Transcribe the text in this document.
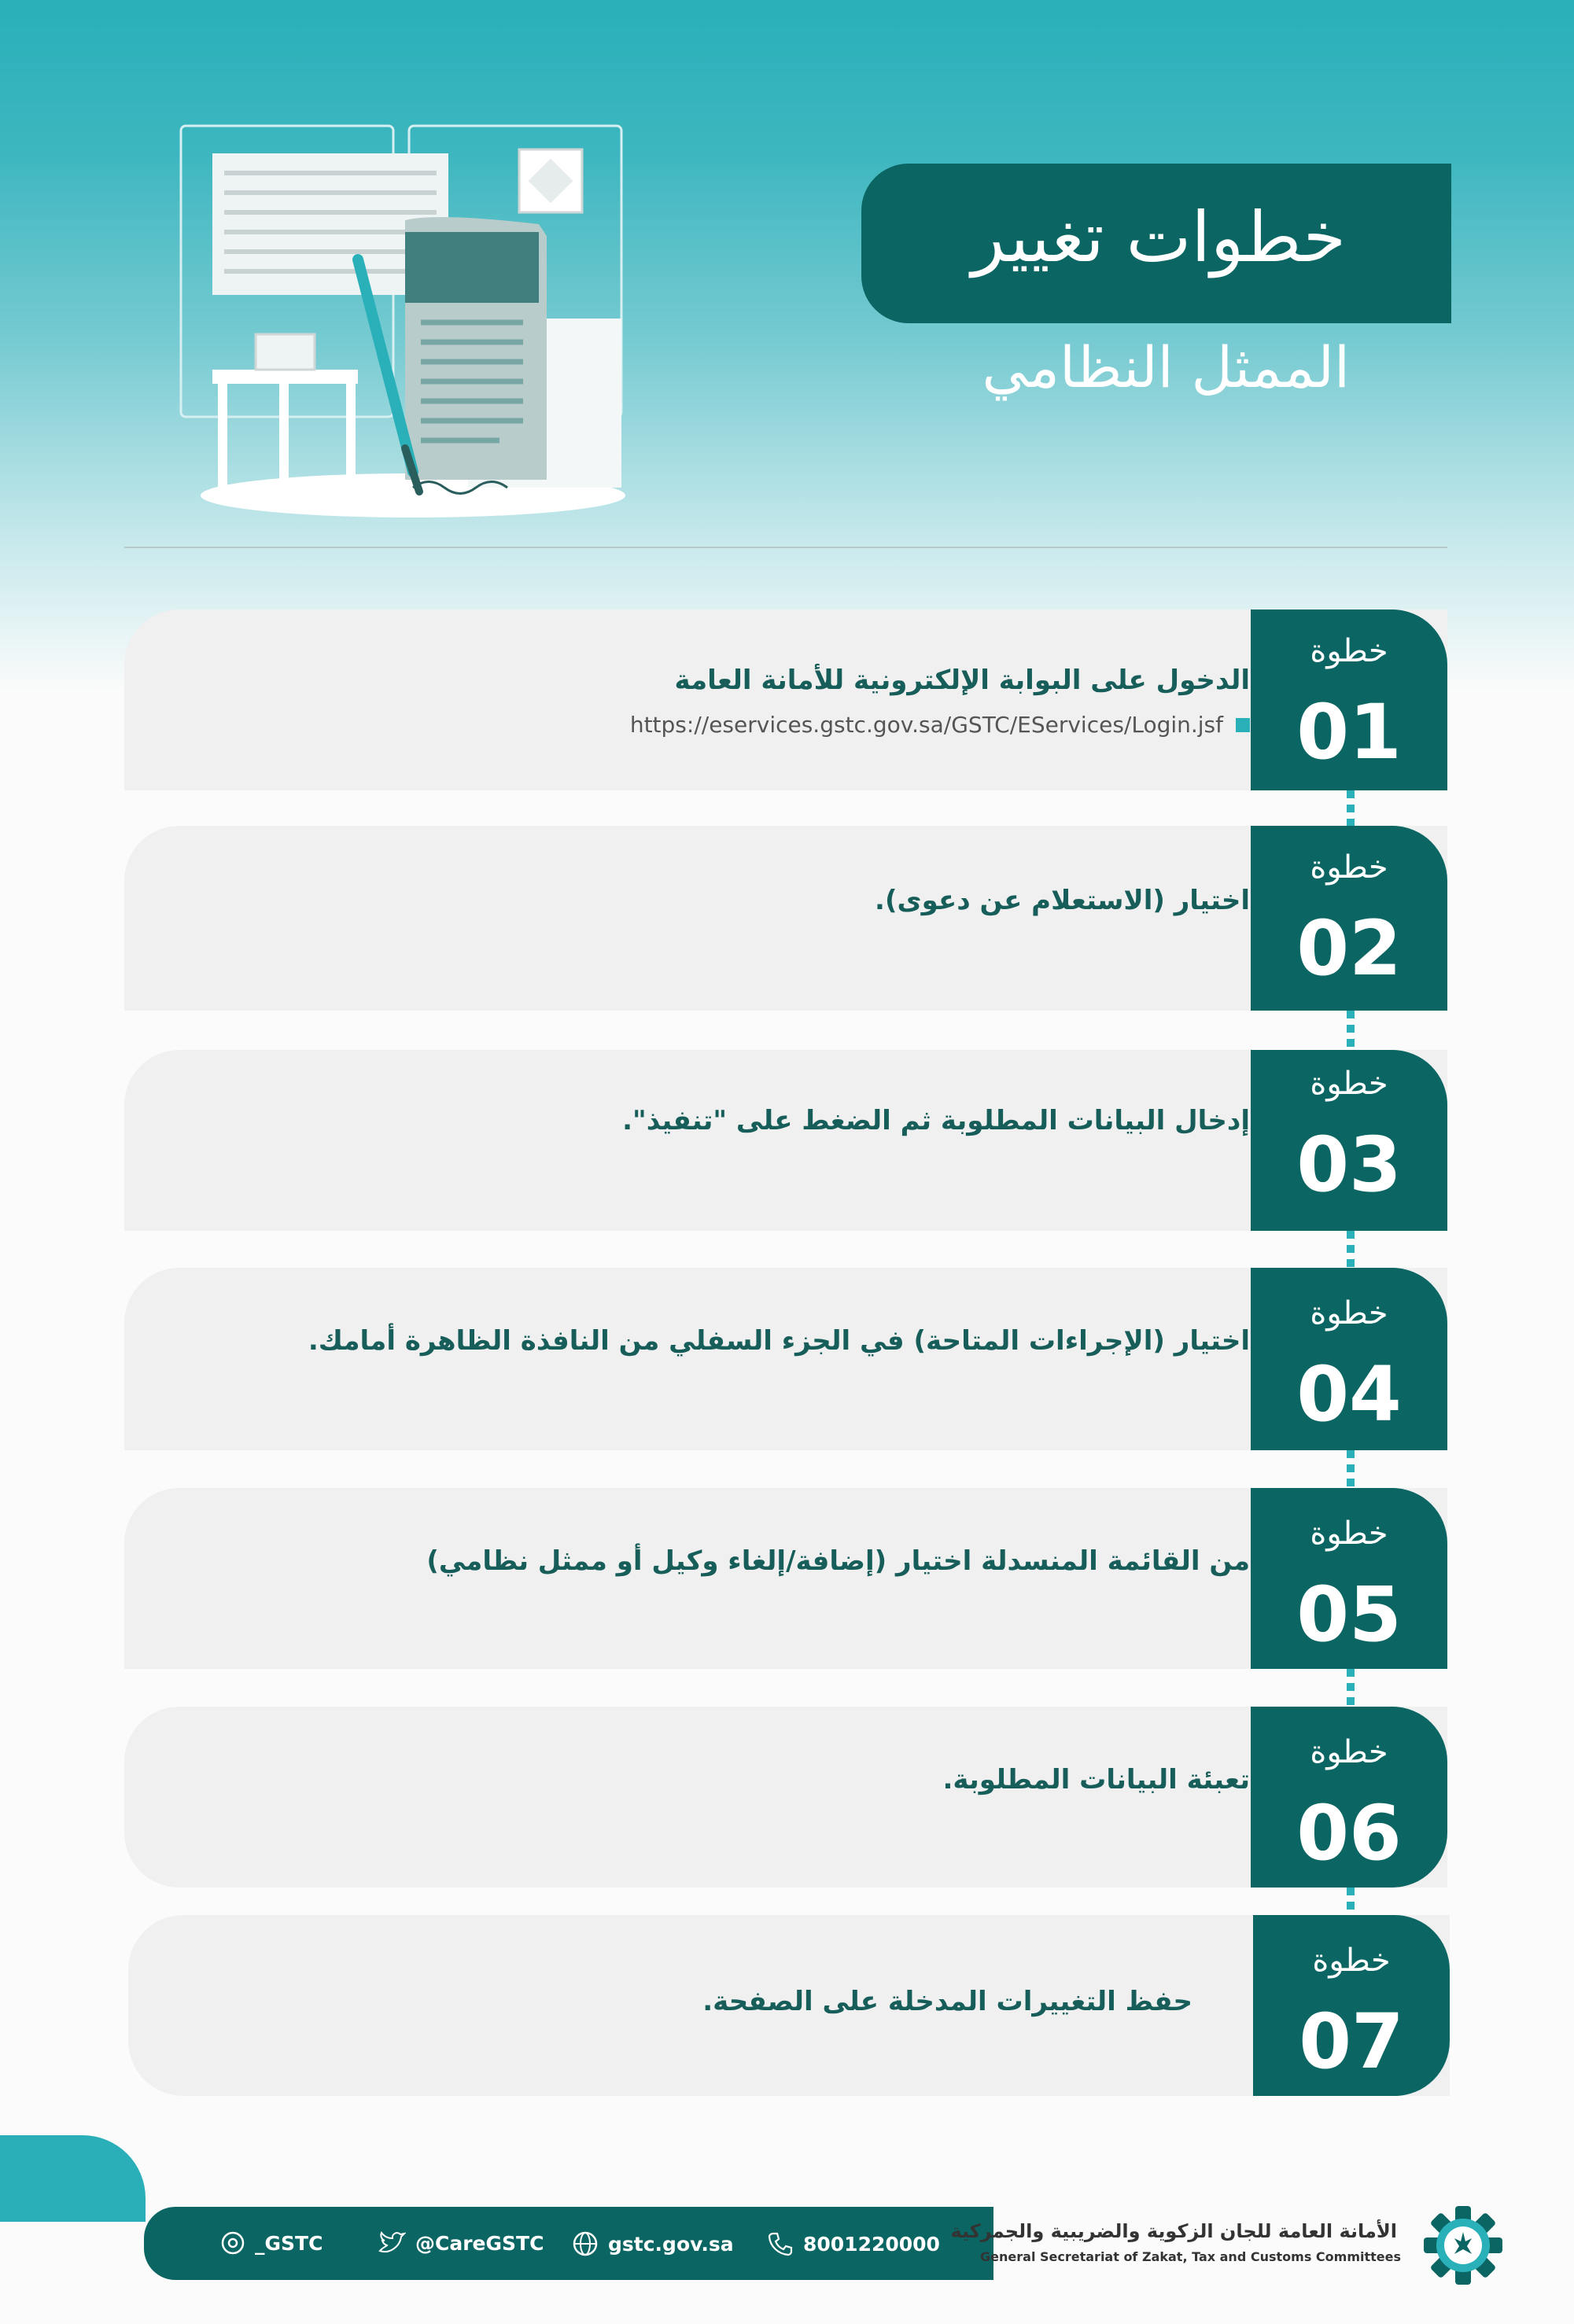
خطوات تغيير
الممثل النظامي
خطوة
01
الدخول على البوابة الإلكترونية للأمانة العامة
https://eservices.gstc.gov.sa/GSTC/EServices/Login.jsf
خطوة
02
اختيار (الاستعلام عن دعوى).
خطوة
03
إدخال البيانات المطلوبة ثم الضغط على "تنفيذ".
خطوة
04
اختيار (الإجراءات المتاحة) في الجزء السفلي من النافذة الظاهرة أمامك.
خطوة
05
من القائمة المنسدلة اختيار (إضافة/إلغاء وكيل أو ممثل نظامي)
خطوة
06
تعبئة البيانات المطلوبة.
خطوة
07
حفظ التغييرات المدخلة على الصفحة.
_GSTC	@CareGSTC	gstc.gov.sa	8001220000
الأمانة العامة للجان الزكوية والضريبية والجمركية
General Secretariat of Zakat, Tax and Customs Committees
